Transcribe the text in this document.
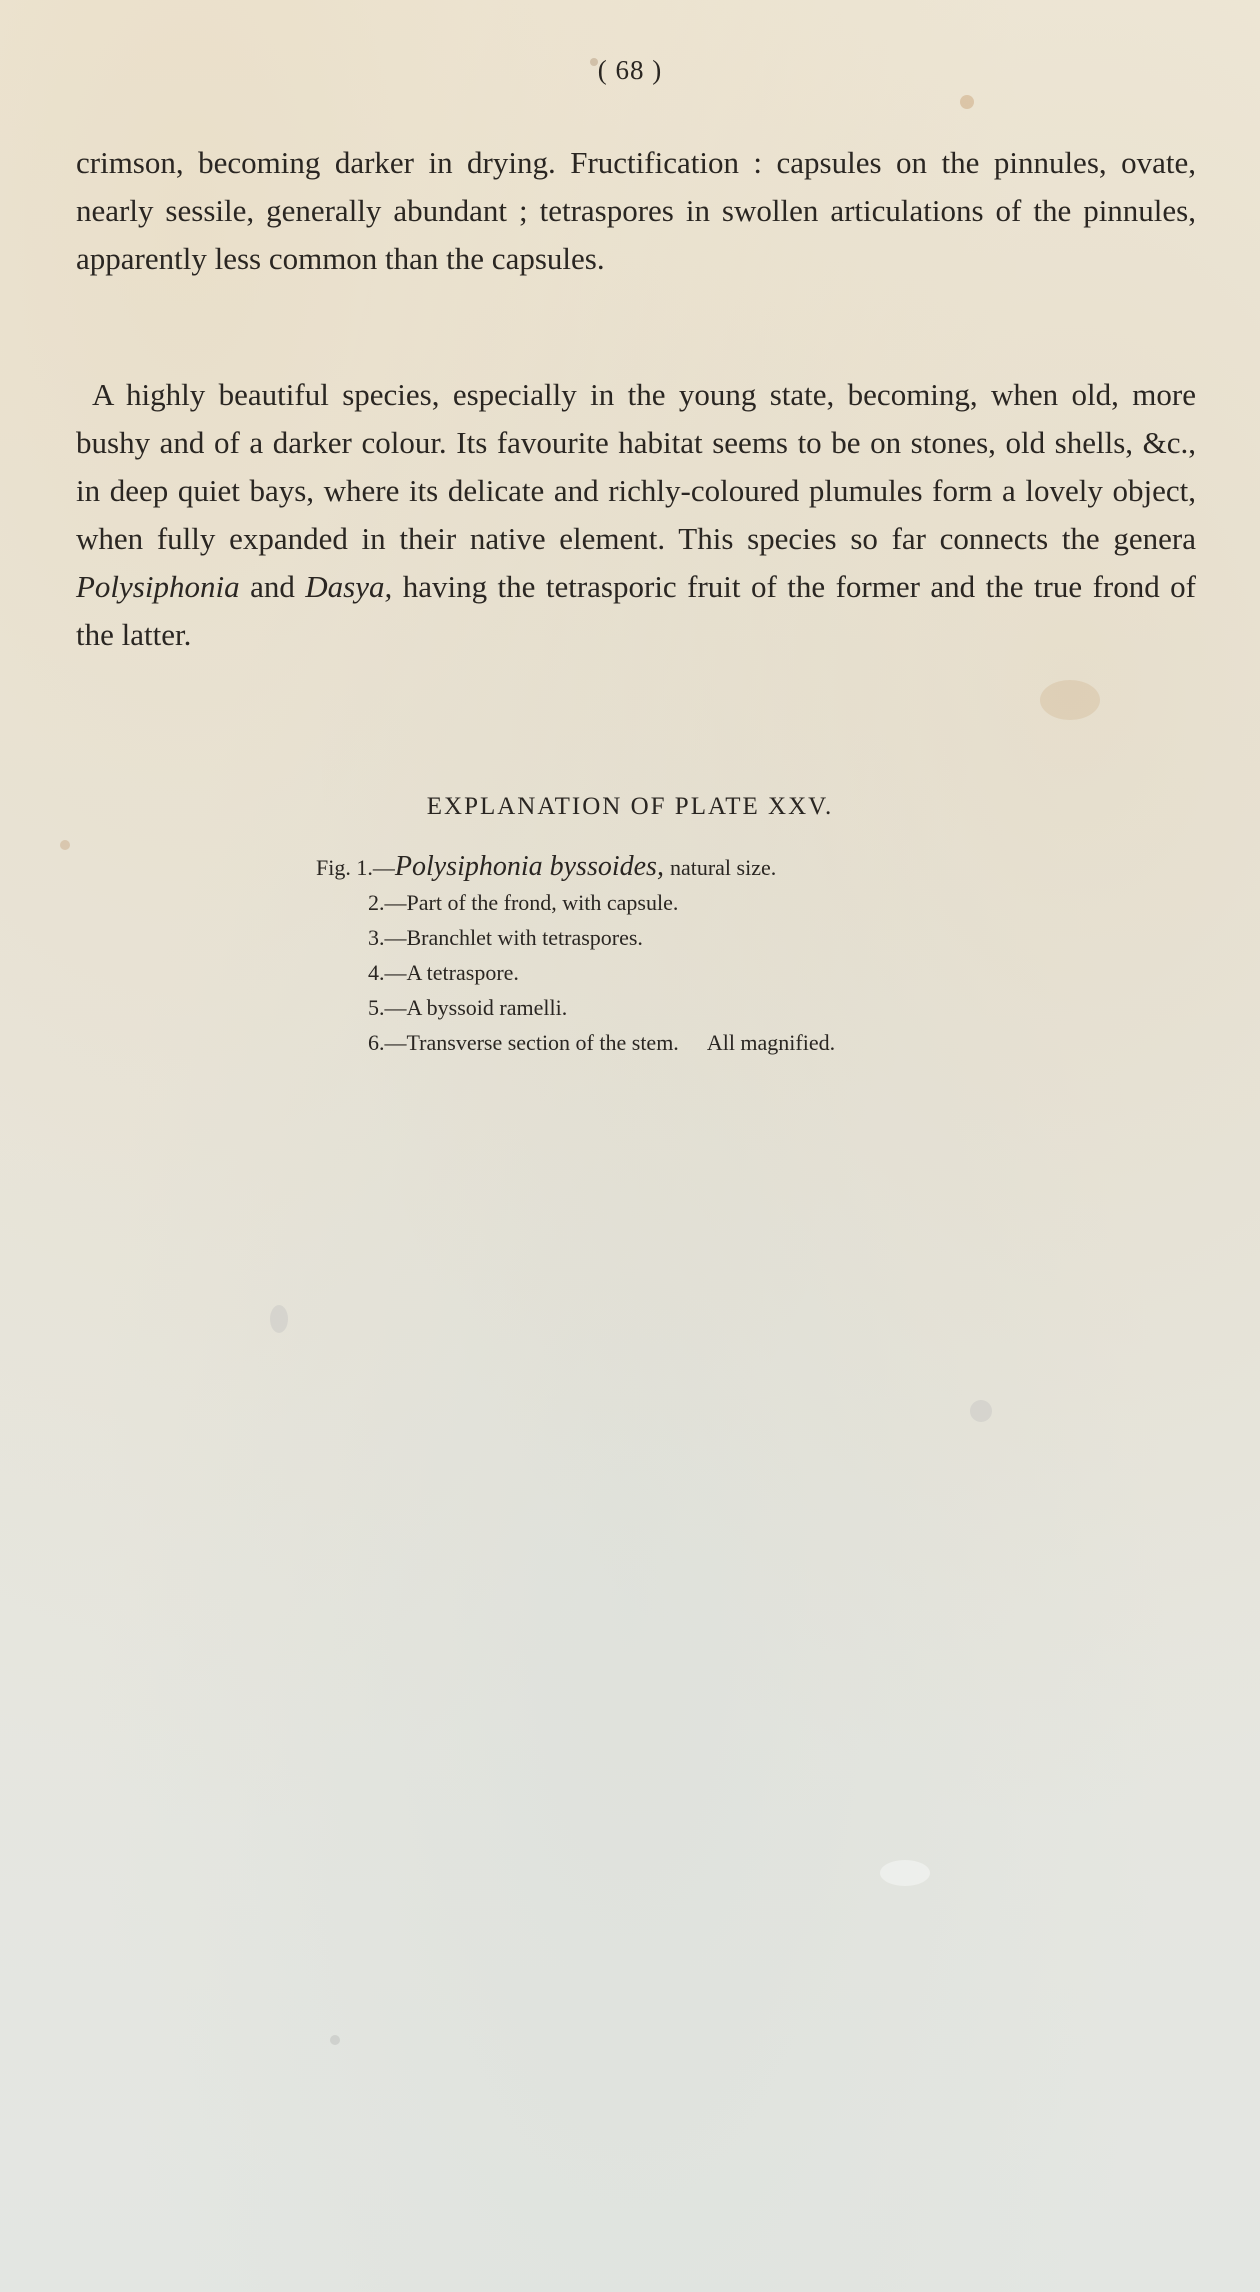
( 68 )

crimson, becoming darker in drying. Fructification : capsules on the pinnules, ovate, nearly sessile, generally abundant ; tetraspores in swollen articulations of the pinnules, apparently less common than the capsules.

A highly beautiful species, especially in the young state, becoming, when old, more bushy and of a darker colour. Its favourite habitat seems to be on stones, old shells, &c., in deep quiet bays, where its delicate and richly-coloured plumules form a lovely object, when fully expanded in their native element. This species so far connects the genera Polysiphonia and Dasya, having the tetrasporic fruit of the former and the true frond of the latter.

EXPLANATION OF PLATE XXV.
Fig. 1.—Polysiphonia byssoides, natural size.
2.—Part of the frond, with capsule.
3.—Branchlet with tetraspores.
4.—A tetraspore.
5.—A byssoid ramelli.
6.—Transverse section of the stem. All magnified.
